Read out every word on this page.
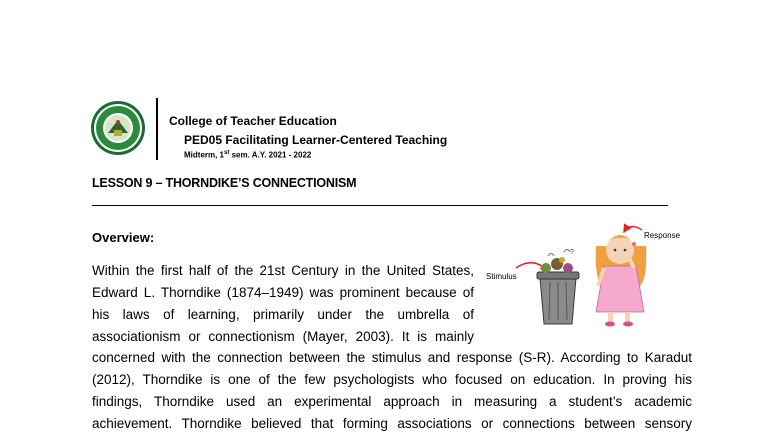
College of Teacher Education
PED05 Facilitating Learner-Centered Teaching
Midterm, 1st sem. A.Y. 2021 - 2022
LESSON 9 – THORNDIKE’S CONNECTIONISM
Overview:
Within the first half of the 21st Century in the United States,
Edward L. Thorndike (1874–1949) was prominent because of
his laws of learning, primarily under the umbrella of
associationism or connectionism (Mayer, 2003). It is mainly
concerned with the connection between the stimulus and response (S-R). According to Karadut
(2012), Thorndike is one of the few psychologists who focused on education. In proving his
findings, Thorndike used an experimental approach in measuring a student’s academic
achievement. Thorndike believed that forming associations or connections between sensory
Stimulus
?
Response
